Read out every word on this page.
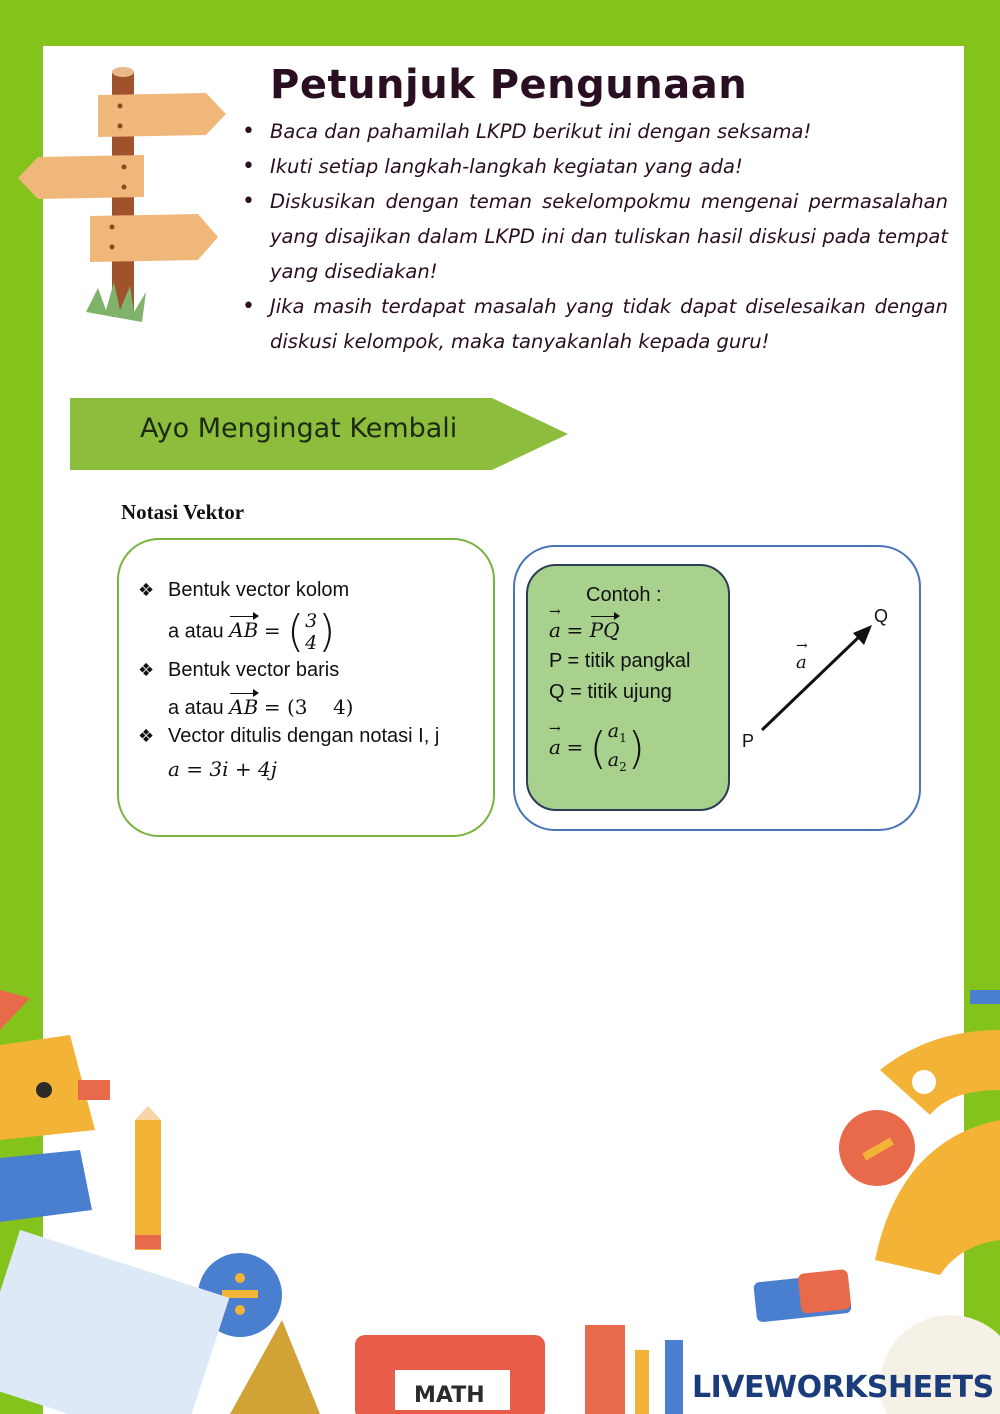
Petunjuk Pengunaan
• Baca dan pahamilah LKPD berikut ini dengan seksama!
• Ikuti setiap langkah-langkah kegiatan yang ada!
• Diskusikan dengan teman sekelompokmu mengenai permasalahan yang disajikan dalam LKPD ini dan tuliskan hasil diskusi pada tempat yang disediakan!
• Jika masih terdapat masalah yang tidak dapat diselesaikan dengan diskusi kelompok, maka tanyakanlah kepada guru!
Ayo Mengingat Kembali
Notasi Vektor
❖ Bentuk vector kolom
a atau AB = ( 3
4 )
❖ Bentuk vector baris
a atau AB = (3    4)
❖ Vector ditulis dengan notasi I, j
a = 3i + 4j
Contoh :
a → = PQ
P = titik pangkal
Q = titik ujung
a → = ( $a_1$
$a_2$ )	P
Q
a →
MATH	LIVEWORKSHEETS
